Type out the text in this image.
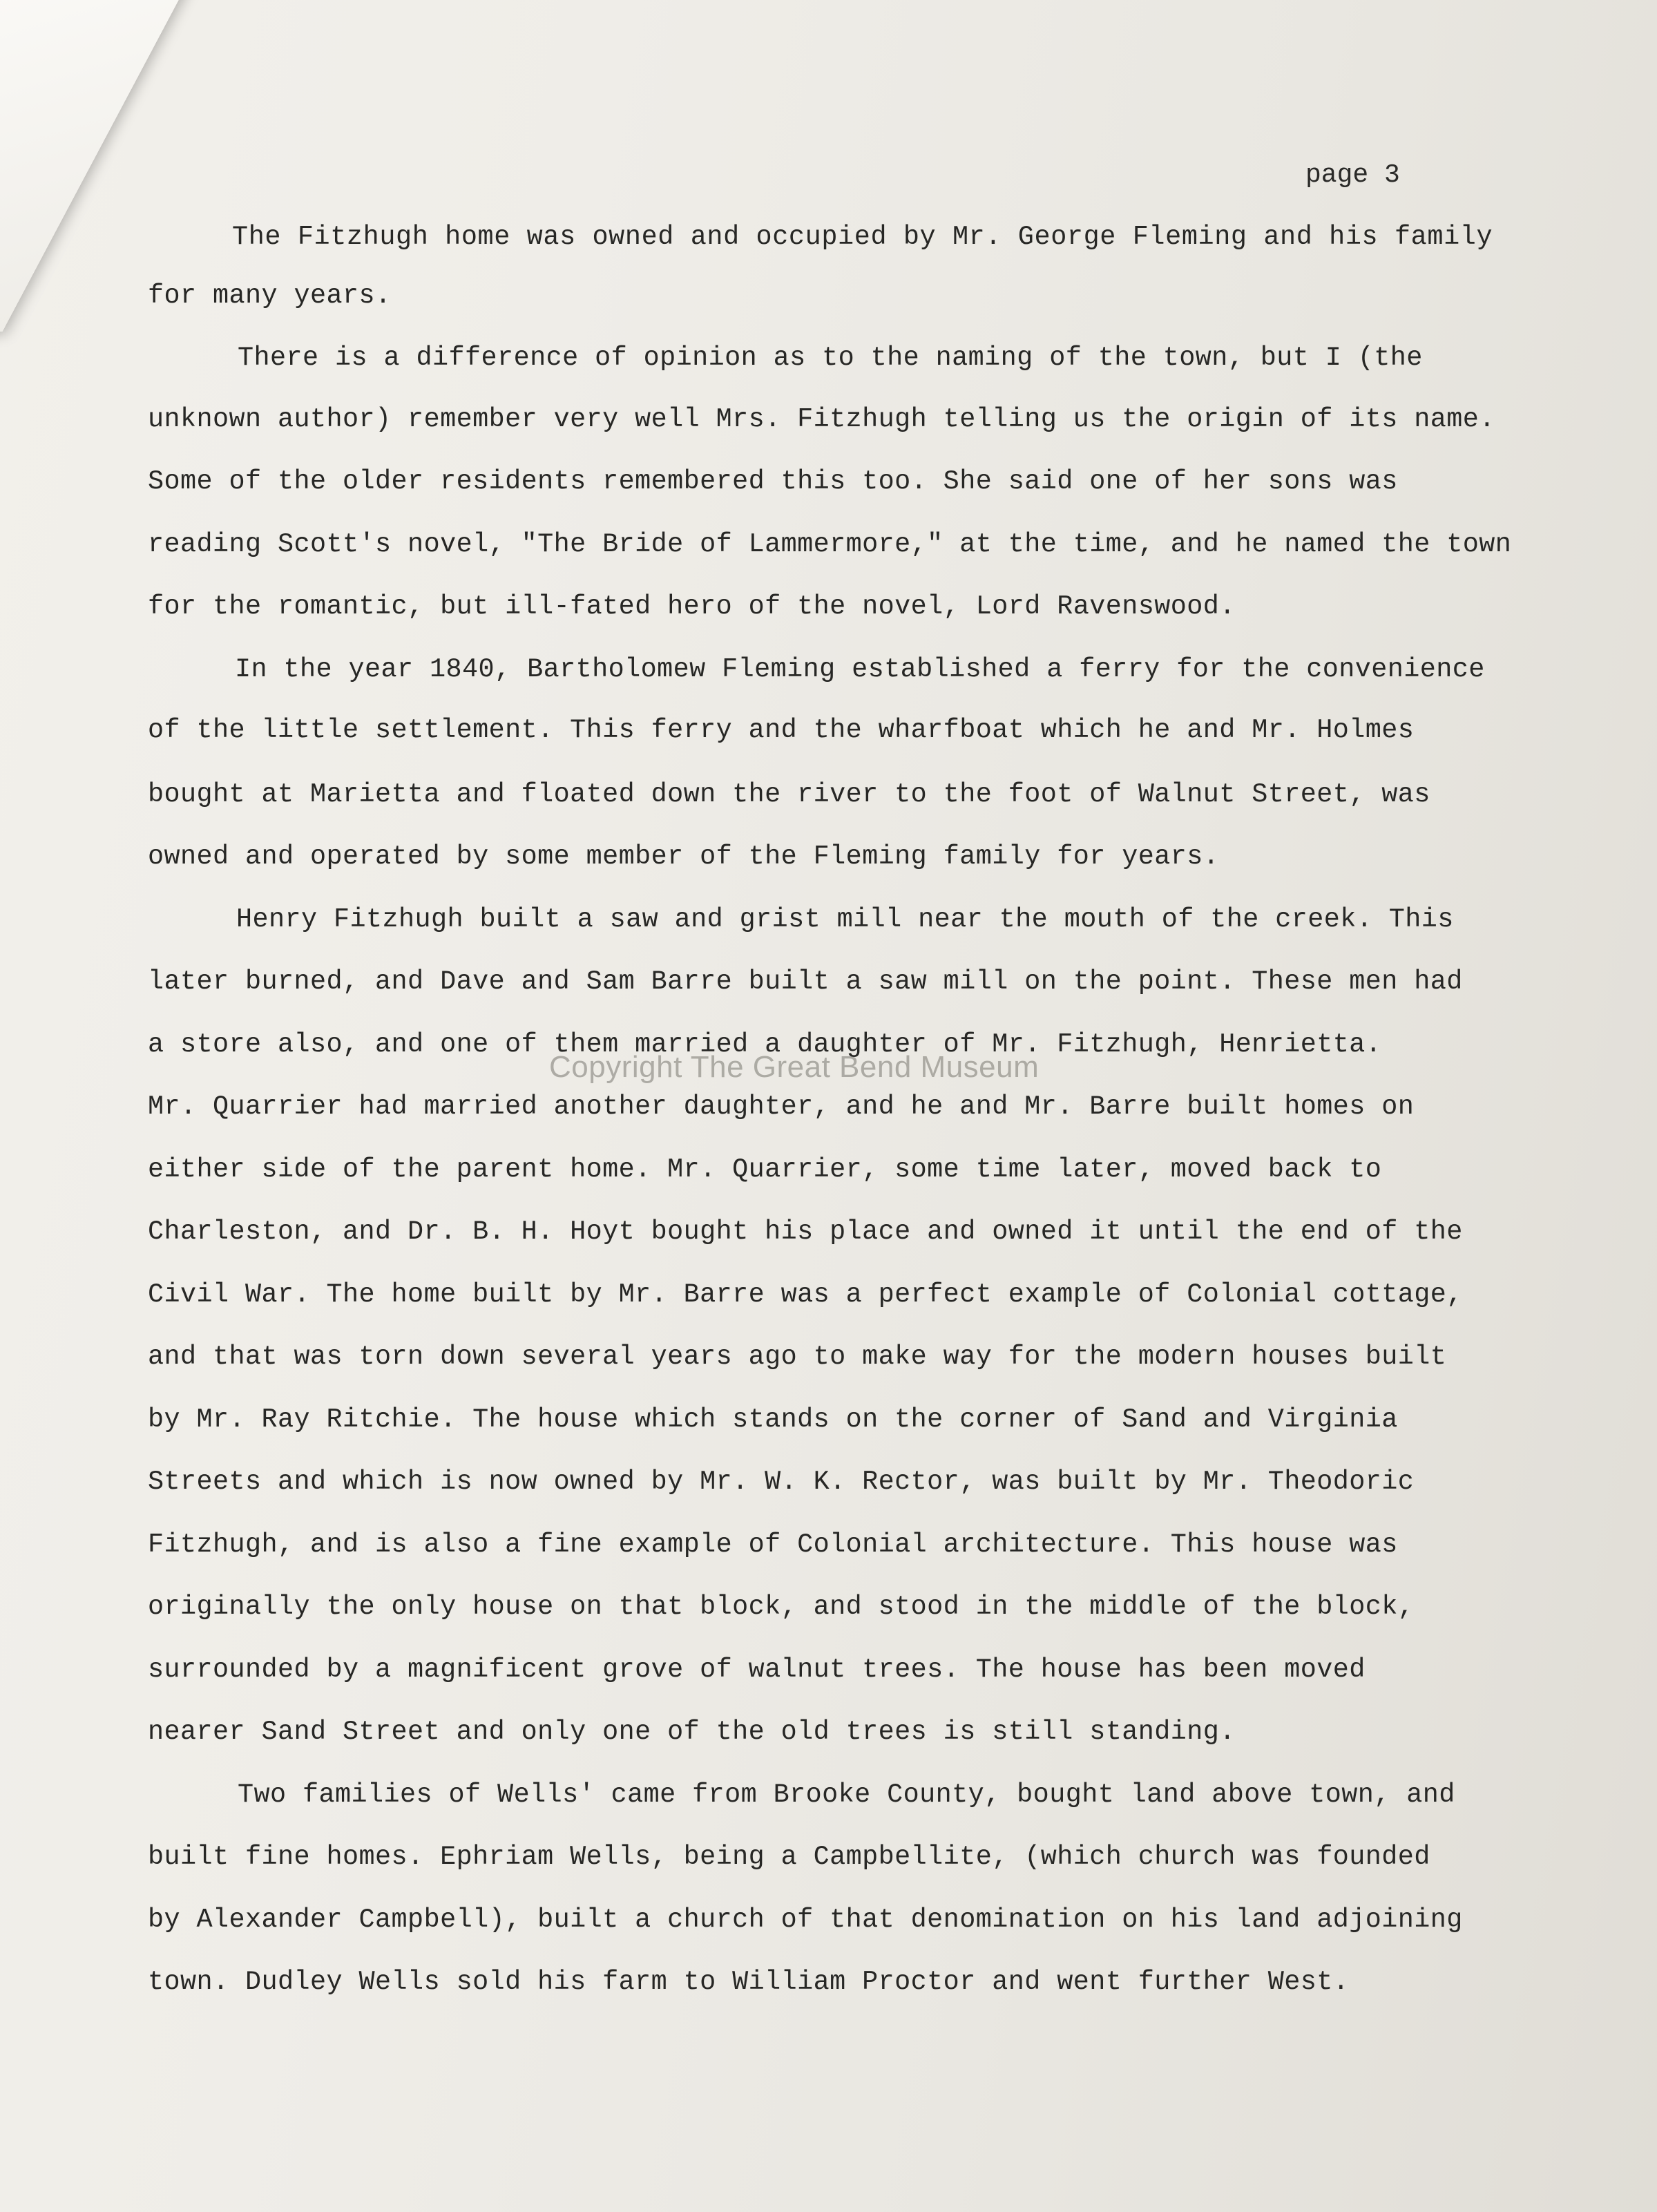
page 3
The Fitzhugh home was owned and occupied by Mr. George Fleming and his family
for many years.
There is a difference of opinion as to the naming of the town, but I (the
unknown author) remember very well Mrs. Fitzhugh telling us the origin of its name.
Some of the older residents remembered this too. She said one of her sons was
reading Scott's novel, "The Bride of Lammermore," at the time, and he named the town
for the romantic, but ill-fated hero of the novel, Lord Ravenswood.
In the year 1840, Bartholomew Fleming established a ferry for the convenience
of the little settlement. This ferry and the wharfboat which he and Mr. Holmes
bought at Marietta and floated down the river to the foot of Walnut Street, was
owned and operated by some member of the Fleming family for years.
Henry Fitzhugh built a saw and grist mill near the mouth of the creek. This
later burned, and Dave and Sam Barre built a saw mill on the point. These men had
a store also, and one of them married a daughter of Mr. Fitzhugh, Henrietta.
Mr. Quarrier had married another daughter, and he and Mr. Barre built homes on
either side of the parent home. Mr. Quarrier, some time later, moved back to
Charleston, and Dr. B. H. Hoyt bought his place and owned it until the end of the
Civil War. The home built by Mr. Barre was a perfect example of Colonial cottage,
and that was torn down several years ago to make way for the modern houses built
by Mr. Ray Ritchie. The house which stands on the corner of Sand and Virginia
Streets and which is now owned by Mr. W. K. Rector, was built by Mr. Theodoric
Fitzhugh, and is also a fine example of Colonial architecture. This house was
originally the only house on that block, and stood in the middle of the block,
surrounded by a magnificent grove of walnut trees. The house has been moved
nearer Sand Street and only one of the old trees is still standing.
Two families of Wells' came from Brooke County, bought land above town, and
built fine homes. Ephriam Wells, being a Campbellite, (which church was founded
by Alexander Campbell), built a church of that denomination on his land adjoining
town. Dudley Wells sold his farm to William Proctor and went further West.
Copyright The Great Bend Museum
